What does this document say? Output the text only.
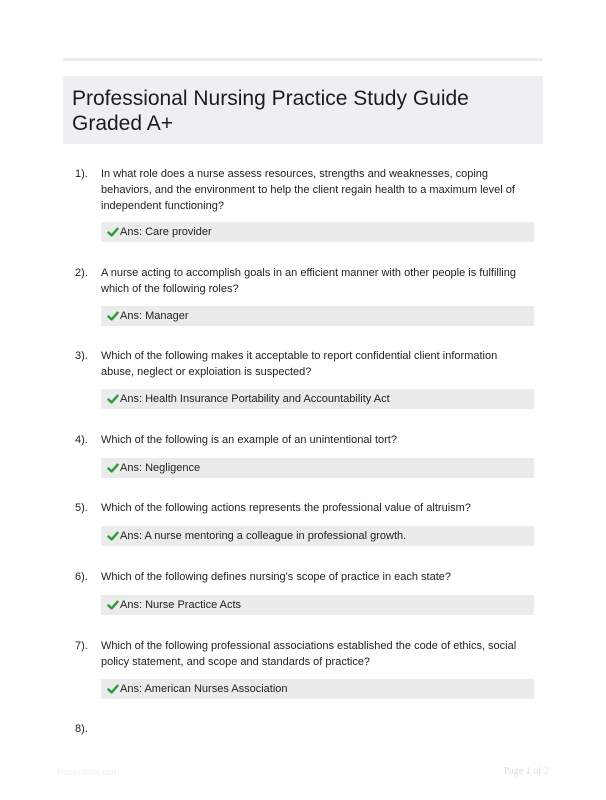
Professional Nursing Practice Study Guide Graded A+
1). In what role does a nurse assess resources, strengths and weaknesses, coping behaviors, and the environment to help the client regain health to a maximum level of independent functioning?
Ans: Care provider
2). A nurse acting to accomplish goals in an efficient manner with other people is fulfilling which of the following roles?
Ans: Manager
3). Which of the following makes it acceptable to report confidential client information abuse, neglect or exploiation is suspected?
Ans: Health Insurance Portability and Accountability Act
4). Which of the following is an example of an unintentional tort?
Ans: Negligence
5). Which of the following actions represents the professional value of altruism?
Ans: A nurse mentoring a colleague in professional growth.
6). Which of the following defines nursing's scope of practice in each state?
Ans: Nurse Practice Acts
7). Which of the following professional associations established the code of ethics, social policy statement, and scope and standards of practice?
Ans: American Nurses Association
8).
Paperstitle.com	Page 1 of 2
